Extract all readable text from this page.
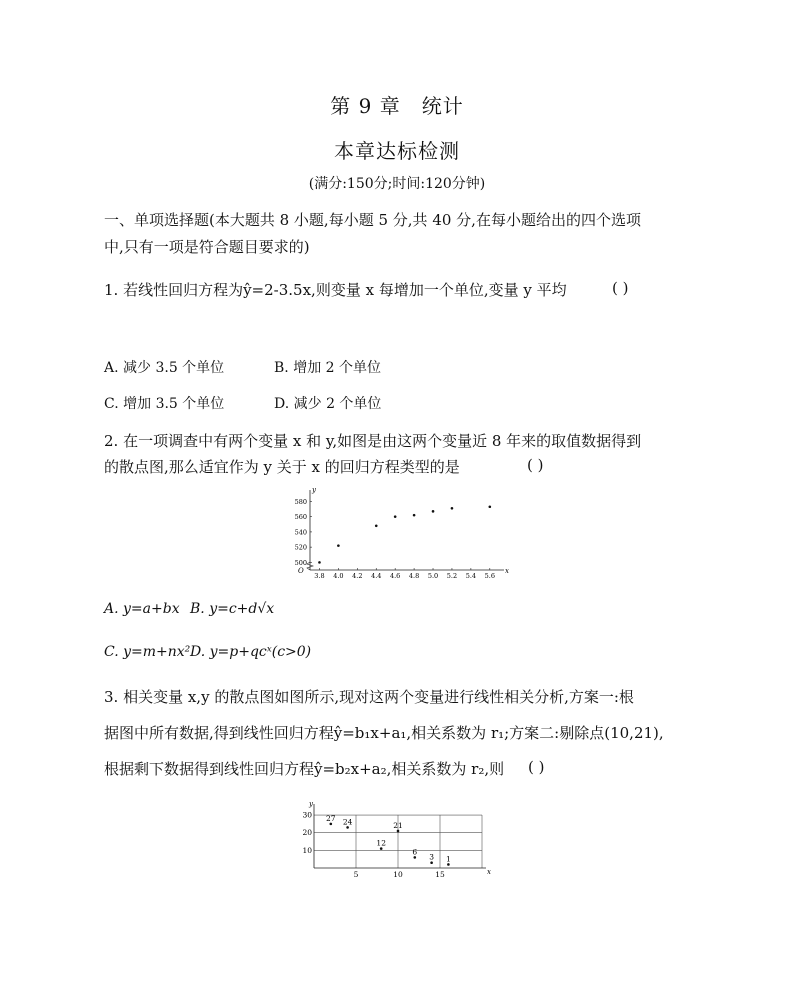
第 9 章　统计
本章达标检测
(满分:150分;时间:120分钟)
一、单项选择题(本大题共 8 小题,每小题 5 分,共 40 分,在每小题给出的四个选项
中,只有一项是符合题目要求的)
1. 若线性回归方程为ŷ=2-3.5x,则变量 x 每增加一个单位,变量 y 平均	( )
A. 减少 3.5 个单位	B. 增加 2 个单位
C. 增加 3.5 个单位	D. 减少 2 个单位
2. 在一项调查中有两个变量 x 和 y,如图是由这两个变量近 8 年来的取值数据得到
的散点图,那么适宜作为 y 关于 x 的回归方程类型的是	( )
x
y
O
3.8 4.0 4.2 4.4 4.6 4.8 5.0 5.2 5.4 5.6
500
520
540
560
580
A. y=a+bx B. y=c+d√x
C. y=m+nx² D. y=p+qcˣ(c>0)
3. 相关变量 x,y 的散点图如图所示,现对这两个变量进行线性相关分析,方案一:根
据图中所有数据,得到线性回归方程ŷ=b₁x+a₁,相关系数为 r₁;方案二:剔除点(10,21),
根据剩下数据得到线性回归方程ŷ=b₂x+a₂,相关系数为 r₂,则 ( )
x
y
5	10	15
10
20
30 27 24
12
21
6
3 1
